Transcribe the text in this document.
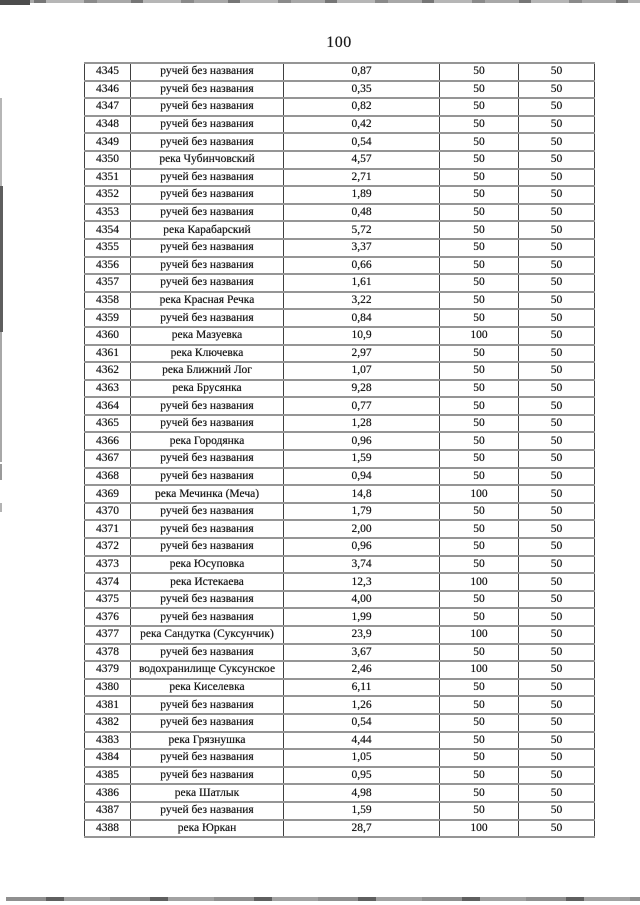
100
4345	ручей без названия	0,87	50	50
4346	ручей без названия	0,35	50	50
4347	ручей без названия	0,82	50	50
4348	ручей без названия	0,42	50	50
4349	ручей без названия	0,54	50	50
4350	река Чубинчовский	4,57	50	50
4351	ручей без названия	2,71	50	50
4352	ручей без названия	1,89	50	50
4353	ручей без названия	0,48	50	50
4354	река Карабарский	5,72	50	50
4355	ручей без названия	3,37	50	50
4356	ручей без названия	0,66	50	50
4357	ручей без названия	1,61	50	50
4358	река Красная Речка	3,22	50	50
4359	ручей без названия	0,84	50	50
4360	река Мазуевка	10,9	100	50
4361	река Ключевка	2,97	50	50
4362	река Ближний Лог	1,07	50	50
4363	река Брусянка	9,28	50	50
4364	ручей без названия	0,77	50	50
4365	ручей без названия	1,28	50	50
4366	река Городянка	0,96	50	50
4367	ручей без названия	1,59	50	50
4368	ручей без названия	0,94	50	50
4369	река Мечинка (Меча)	14,8	100	50
4370	ручей без названия	1,79	50	50
4371	ручей без названия	2,00	50	50
4372	ручей без названия	0,96	50	50
4373	река Юсуповка	3,74	50	50
4374	река Истекаева	12,3	100	50
4375	ручей без названия	4,00	50	50
4376	ручей без названия	1,99	50	50
4377	река Сандутка (Суксунчик)	23,9	100	50
4378	ручей без названия	3,67	50	50
4379	водохранилище Суксунское	2,46	100	50
4380	река Киселевка	6,11	50	50
4381	ручей без названия	1,26	50	50
4382	ручей без названия	0,54	50	50
4383	река Грязнушка	4,44	50	50
4384	ручей без названия	1,05	50	50
4385	ручей без названия	0,95	50	50
4386	река Шатлык	4,98	50	50
4387	ручей без названия	1,59	50	50
4388	река Юркан	28,7	100	50
